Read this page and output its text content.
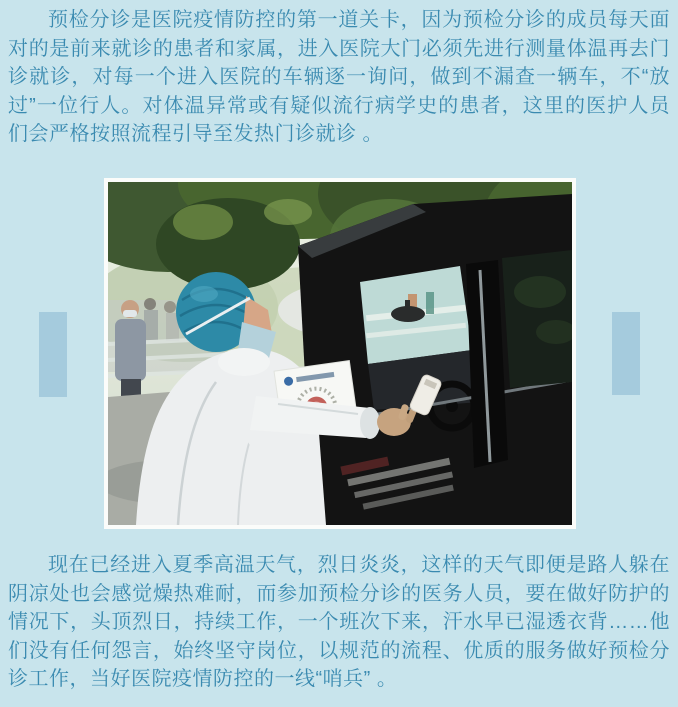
预检分诊是医院疫情防控的第一道关卡，因为预检分诊的成员每天面对的是前来就诊的患者和家属，进入医院大门必须先进行测量体温再去门诊就诊，对每一个进入医院的车辆逐一询问，做到不漏查一辆车，不“放过”一位行人。对体温异常或有疑似流行病学史的患者，这里的医护人员们会严格按照流程引导至发热门诊就诊 。

现在已经进入夏季高温天气，烈日炎炎，这样的天气即便是路人躲在阴凉处也会感觉燥热难耐，而参加预检分诊的医务人员，要在做好防护的情况下，头顶烈日，持续工作，一个班次下来，汗水早已湿透衣背……他们没有任何怨言，始终坚守岗位，以规范的流程、优质的服务做好预检分诊工作，当好医院疫情防控的一线“哨兵” 。
